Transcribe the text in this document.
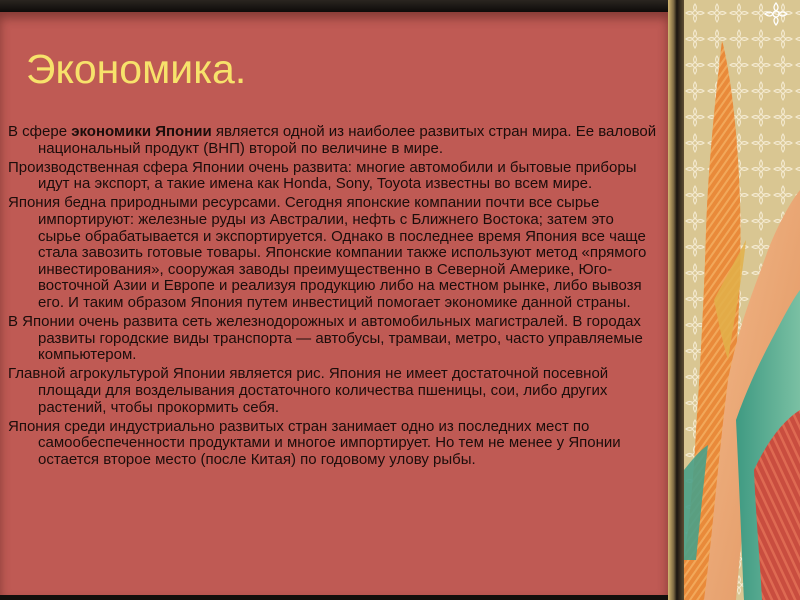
Экономика.

В сфере экономики Японии является одной из наиболее развитых стран мира. Ее валовой национальный продукт (ВНП) второй по величине в мире.

Производственная сфера Японии очень развита: многие автомобили и бытовые приборы идут на экспорт, а такие имена как Honda, Sony, Toyota известны во всем мире.

Япония бедна природными ресурсами. Сегодня японские компании почти все сырье импортируют: железные руды из Австралии, нефть с Ближнего Востока; затем это сырье обрабатывается и экспортируется. Однако в последнее время Япония все чаще стала завозить готовые товары. Японские компании также используют метод «прямого инвестирования», сооружая заводы преимущественно в Северной Америке, Юго-восточной Азии и Европе и реализуя продукцию либо на местном рынке, либо вывозя его. И таким образом Япония путем инвестиций помогает экономике данной страны.

В Японии очень развита сеть железнодорожных и автомобильных магистралей. В городах развиты городские виды транспорта — автобусы, трамваи, метро, часто управляемые компьютером.

Главной агрокультурой Японии является рис. Япония не имеет достаточной посевной площади для возделывания достаточного количества пшеницы, сои, либо других растений, чтобы прокормить себя.

Япония среди индустриально развитых стран занимает одно из последних мест по самообеспеченности продуктами и многое импортирует. Но тем не менее у Японии остается второе место (после Китая) по годовому улову рыбы.
